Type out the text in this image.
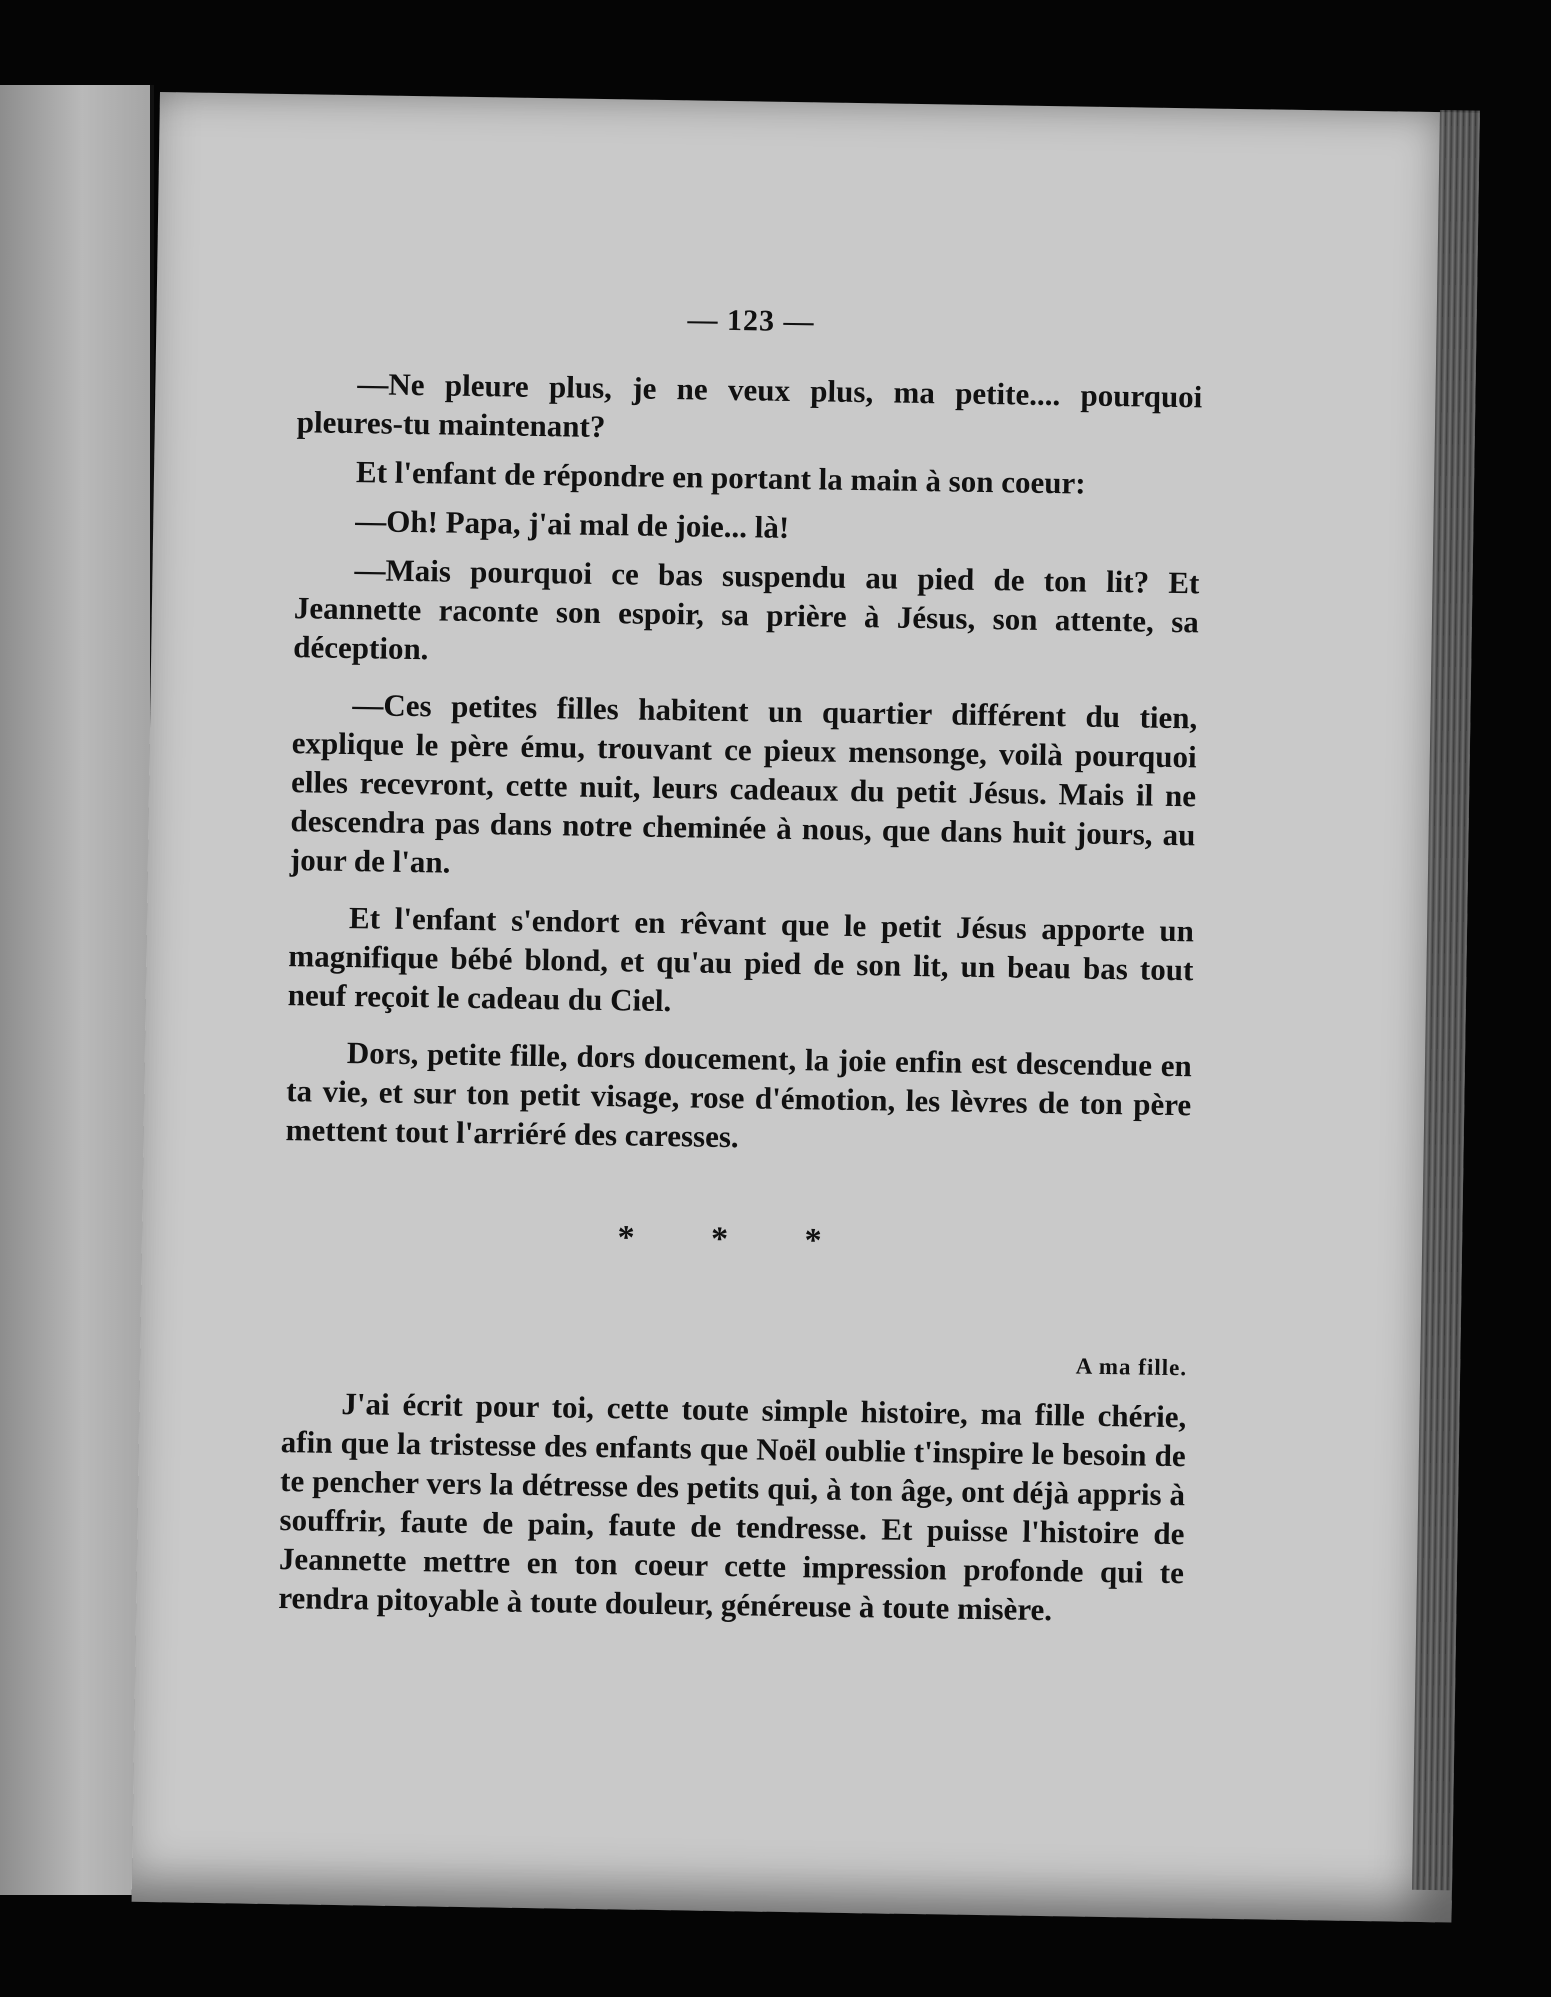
— 123 —

—Ne pleure plus, je ne veux plus, ma petite.... pourquoi pleures-tu maintenant?

Et l'enfant de répondre en portant la main à son coeur:

—Oh! Papa, j'ai mal de joie... là!

—Mais pourquoi ce bas suspendu au pied de ton lit? Et Jeannette raconte son espoir, sa prière à Jésus, son attente, sa déception.

—Ces petites filles habitent un quartier différent du tien, explique le père ému, trouvant ce pieux mensonge, voilà pourquoi elles recevront, cette nuit, leurs cadeaux du petit Jésus. Mais il ne descendra pas dans notre cheminée à nous, que dans huit jours, au jour de l'an.

Et l'enfant s'endort en rêvant que le petit Jésus apporte un magnifique bébé blond, et qu'au pied de son lit, un beau bas tout neuf reçoit le cadeau du Ciel.

Dors, petite fille, dors doucement, la joie enfin est descendue en ta vie, et sur ton petit visage, rose d'émotion, les lèvres de ton père mettent tout l'arriéré des caresses.

* * *
A ma fille.

J'ai écrit pour toi, cette toute simple histoire, ma fille chérie, afin que la tristesse des enfants que Noël oublie t'inspire le besoin de te pencher vers la détresse des petits qui, à ton âge, ont déjà appris à souffrir, faute de pain, faute de tendresse. Et puisse l'histoire de Jeannette mettre en ton coeur cette impression profonde qui te rendra pitoyable à toute douleur, généreuse à toute misère.
